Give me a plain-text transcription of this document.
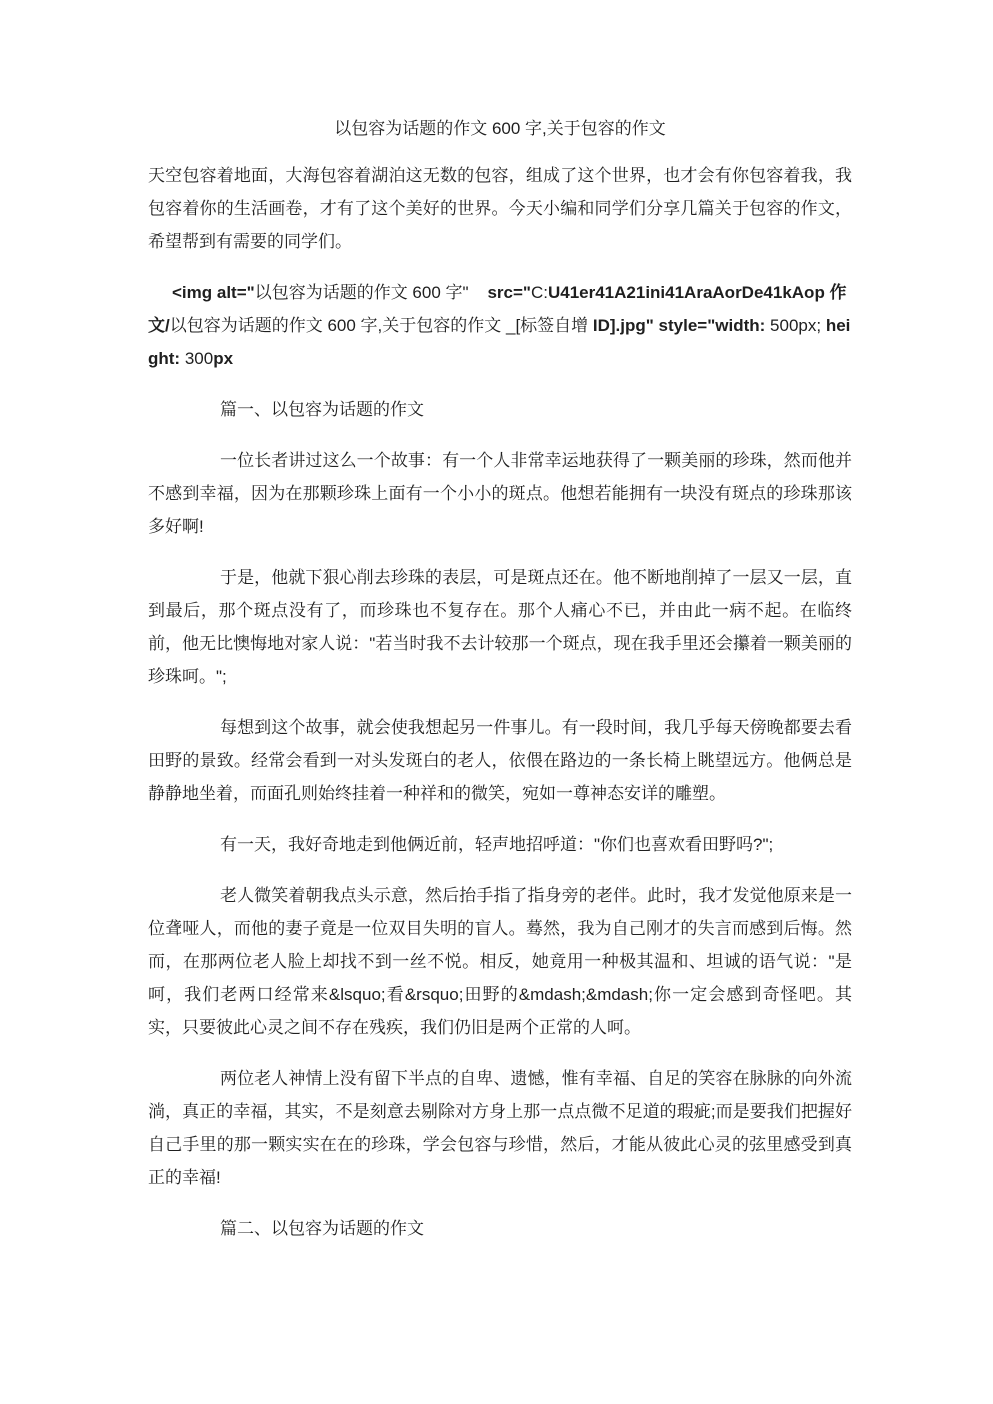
以包容为话题的作文 600 字,关于包容的作文

天空包容着地面，大海包容着湖泊这无数的包容，组成了这个世界，也才会有你包容着我，我包容着你的生活画卷，才有了这个美好的世界。今天小编和同学们分享几篇关于包容的作文，希望帮到有需要的同学们。

<img alt="以包容为话题的作文 600 字"    src="C:U41er41A21ini41AraAorDe41kAop 作文/以包容为话题的作文 600 字,关于包容的作文 _[标签自增 ID].jpg" style="width: 500px; height: 300px

篇一、以包容为话题的作文

一位长者讲过这么一个故事：有一个人非常幸运地获得了一颗美丽的珍珠，然而他并不感到幸福，因为在那颗珍珠上面有一个小小的斑点。他想若能拥有一块没有斑点的珍珠那该多好啊!

于是，他就下狠心削去珍珠的表层，可是斑点还在。他不断地削掉了一层又一层，直到最后，那个斑点没有了，而珍珠也不复存在。那个人痛心不已，并由此一病不起。在临终前，他无比懊悔地对家人说："若当时我不去计较那一个斑点，现在我手里还会攥着一颗美丽的珍珠呵。";

每想到这个故事，就会使我想起另一件事儿。有一段时间，我几乎每天傍晚都要去看田野的景致。经常会看到一对头发斑白的老人，依偎在路边的一条长椅上眺望远方。他俩总是静静地坐着，而面孔则始终挂着一种祥和的微笑，宛如一尊神态安详的雕塑。

有一天，我好奇地走到他俩近前，轻声地招呼道："你们也喜欢看田野吗?";

老人微笑着朝我点头示意，然后抬手指了指身旁的老伴。此时，我才发觉他原来是一位聋哑人，而他的妻子竟是一位双目失明的盲人。蓦然，我为自己刚才的失言而感到后悔。然而，在那两位老人脸上却找不到一丝不悦。相反，她竟用一种极其温和、坦诚的语气说："是呵，我们老两口经常来&lsquo;看&rsquo;田野的&mdash;&mdash;你一定会感到奇怪吧。其实，只要彼此心灵之间不存在残疾，我们仍旧是两个正常的人呵。

两位老人神情上没有留下半点的自卑、遗憾，惟有幸福、自足的笑容在脉脉的向外流淌，真正的幸福，其实，不是刻意去剔除对方身上那一点点微不足道的瑕疵;而是要我们把握好自己手里的那一颗实实在在的珍珠，学会包容与珍惜，然后，才能从彼此心灵的弦里感受到真正的幸福!

篇二、以包容为话题的作文
